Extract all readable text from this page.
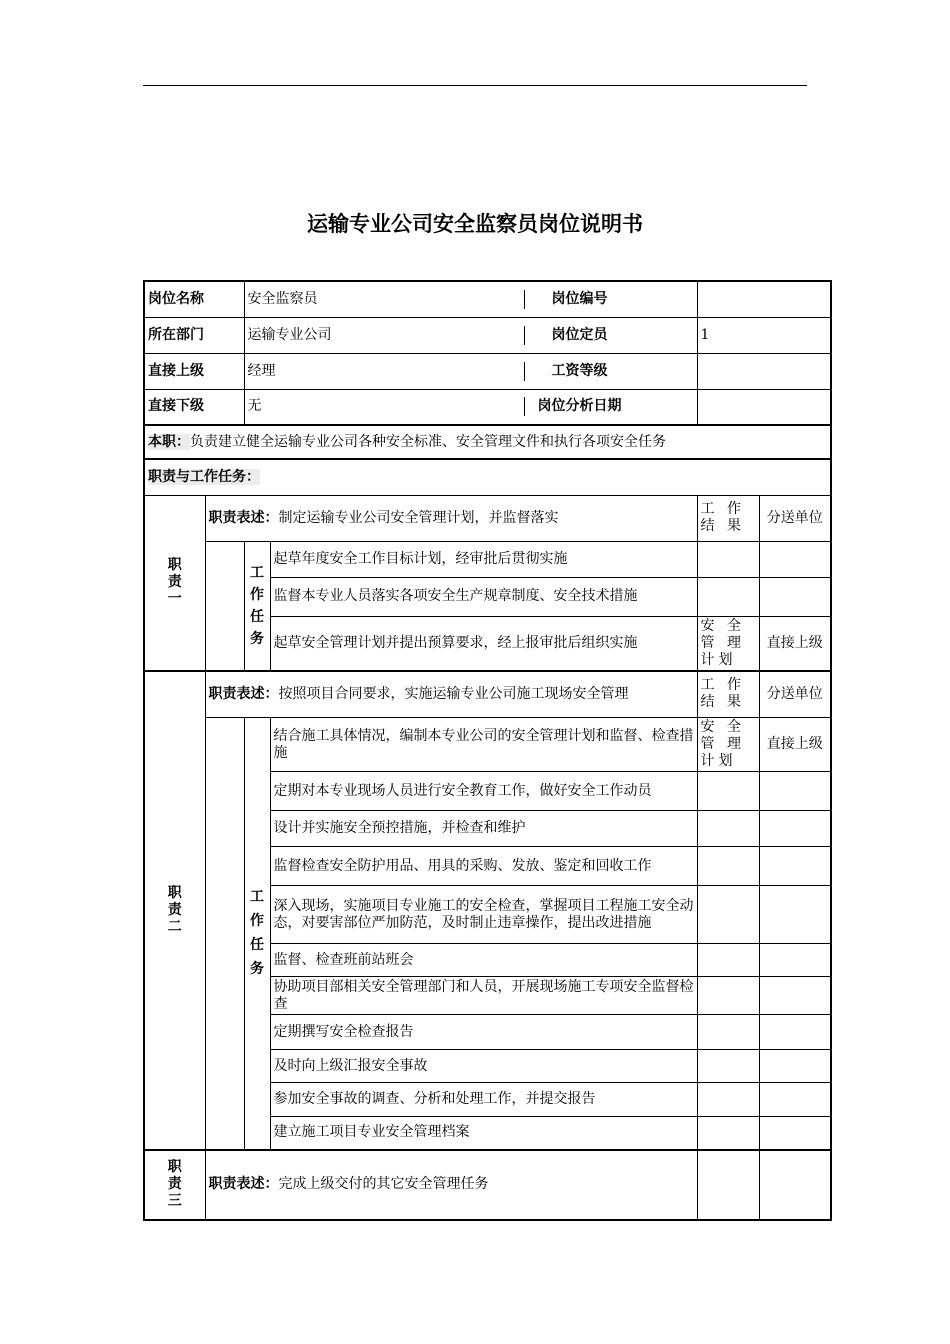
运输专业公司安全监察员岗位说明书
岗位名称		安全监察员 岗位编号			

所在部门		运输专业公司 岗位定员		1	
直接上级		经理 工资等级			

直接下级		无 岗位分析日期			

本职：负责建立健全运输专业公司各种安全标准、安全管理文件和执行各项安全任务					
职责与工作任务：					

职
责
一	职责表述：制定运输专业公司安全管理计划，并监督落实			工 作 结 果	分送单位
		工作任务	起草年度安全工作目标计划，经审批后贯彻实施		
			监督本专业人员落实各项安全生产规章制度、安全技术措施		
			起草安全管理计划并提出预算要求，经上报审批后组织实施	安 全 管 理计划	直接上级

职
责
二	职责表述：按照项目合同要求，实施运输专业公司施工现场安全管理			工 作 结 果	分送单位
		工作任务	结合施工具体情况，编制本专业公司的安全管理计划和监督、检查措施	安 全 管 理计划	直接上级
			定期对本专业现场人员进行安全教育工作，做好安全工作动员		
			设计并实施安全预控措施，并检查和维护		
			监督检查安全防护用品、用具的采购、发放、鉴定和回收工作		
			深入现场，实施项目专业施工的安全检查，掌握项目工程施工安全动态，对要害部位严加防范，及时制止违章操作，提出改进措施		
			监督、检查班前站班会		
			协助项目部相关安全管理部门和人员，开展现场施工专项安全监督检查		
			定期撰写安全检查报告		
			及时向上级汇报安全事故		
			参加安全事故的调查、分析和处理工作，并提交报告		
			建立施工项目专业安全管理档案		

职
责
三	职责表述：完成上级交付的其它安全管理任务				
